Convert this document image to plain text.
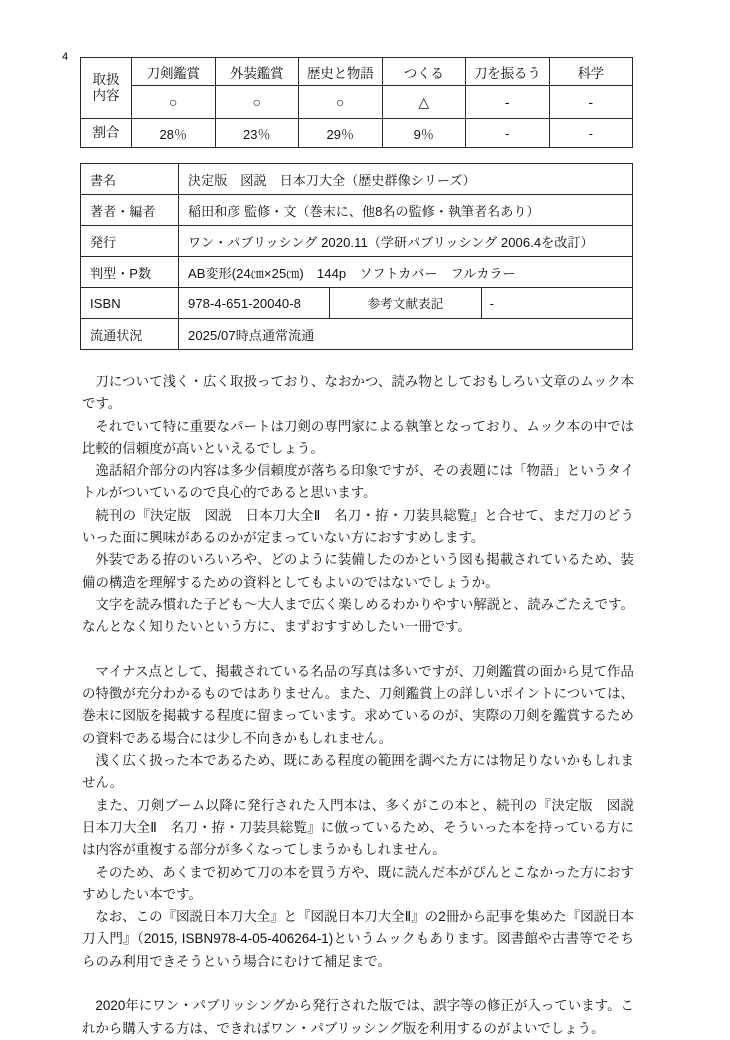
4
取扱
内容	刀剣鑑賞	外装鑑賞	歴史と物語	つくる	刀を振るう	科学
	○	○	○	△	-	-
割合	28％	23％	29％	9％	-	-
書名	決定版　図説　日本刀大全（歴史群像シリーズ）		
著者・編者	稲田和彦 監修・文（巻末に、他8名の監修・執筆者名あり）		
発行	ワン・パブリッシング 2020.11（学研パブリッシング 2006.4を改訂）		
判型・P数	AB変形(24㎝×25㎝)　144p　ソフトカバー　フルカラー		
ISBN	978-4-651-20040-8	参考文献表記	-
流通状況	2025/07時点通常流通		

刀について浅く・広く取扱っており、なおかつ、読み物としておもしろい文章のムック本です。

それでいて特に重要なパートは刀剣の専門家による執筆となっており、ムック本の中では比較的信頼度が高いといえるでしょう。

逸話紹介部分の内容は多少信頼度が落ちる印象ですが、その表題には「物語」というタイトルがついているので良心的であると思います。

続刊の『決定版　図説　日本刀大全Ⅱ　名刀・拵・刀装具総覧』と合せて、まだ刀のどういった面に興味があるのかが定まっていない方におすすめします。

外装である拵のいろいろや、どのように装備したのかという図も掲載されているため、装備の構造を理解するための資料としてもよいのではないでしょうか。

文字を読み慣れた子ども～大人まで広く楽しめるわかりやすい解説と、読みごたえです。なんとなく知りたいという方に、まずおすすめしたい一冊です。

マイナス点として、掲載されている名品の写真は多いですが、刀剣鑑賞の面から見て作品の特徴が充分わかるものではありません。また、刀剣鑑賞上の詳しいポイントについては、巻末に図版を掲載する程度に留まっています。求めているのが、実際の刀剣を鑑賞するための資料である場合には少し不向きかもしれません。

浅く広く扱った本であるため、既にある程度の範囲を調べた方には物足りないかもしれません。

また、刀剣ブーム以降に発行された入門本は、多くがこの本と、続刊の『決定版　図説　日本刀大全Ⅱ　名刀・拵・刀装具総覧』に倣っているため、そういった本を持っている方には内容が重複する部分が多くなってしまうかもしれません。

そのため、あくまで初めて刀の本を買う方や、既に読んだ本がぴんとこなかった方におすすめしたい本です。

なお、この『図説日本刀大全』と『図説日本刀大全Ⅱ』の2冊から記事を集めた『図説日本刀入門』（2015, ISBN978-4-05-406264-1)というムックもあります。図書館や古書等でそちらのみ利用できそうという場合にむけて補足まで。

2020年にワン・パブリッシングから発行された版では、誤字等の修正が入っています。これから購入する方は、できればワン・パブリッシング版を利用するのがよいでしょう。
